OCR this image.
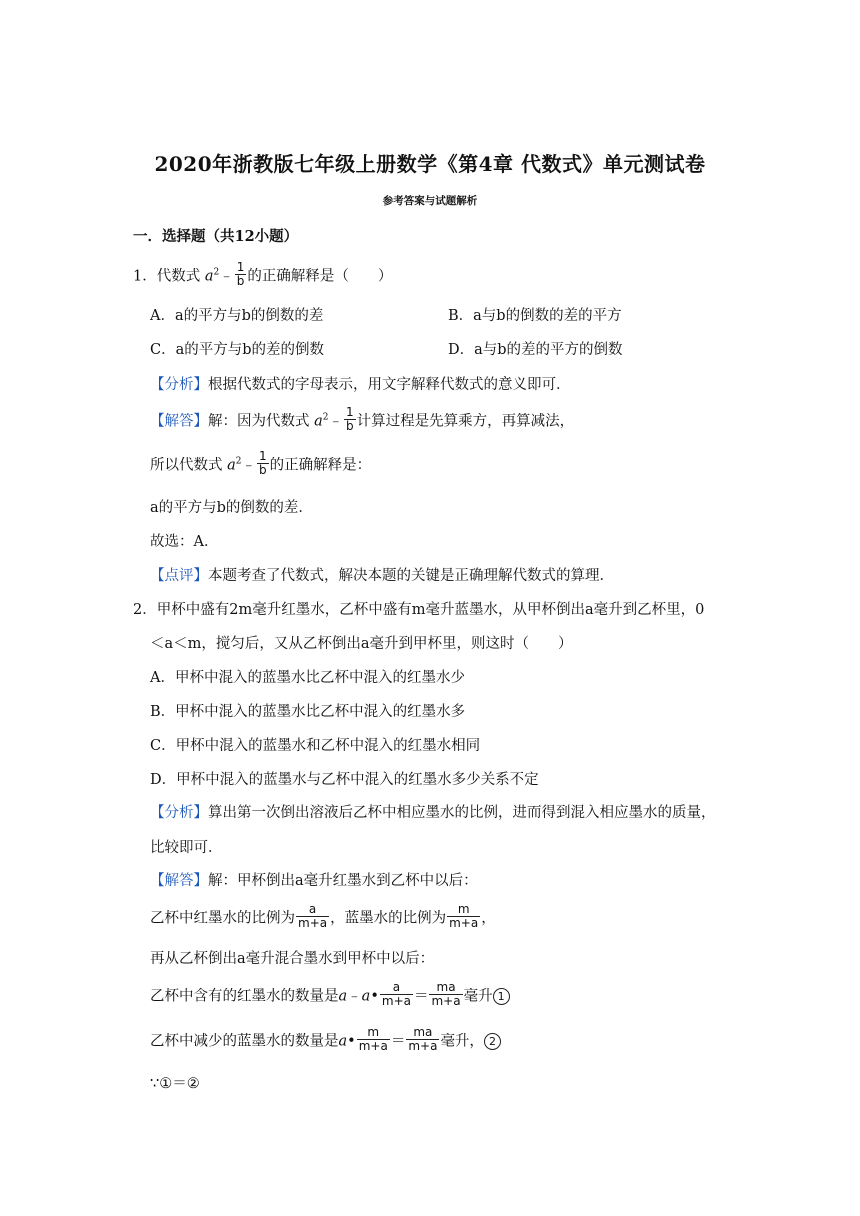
2020年浙教版七年级上册数学《第4章 代数式》单元测试卷
参考答案与试题解析
一．选择题（共12小题）
1．代数式 $a^2﹣ \frac{1}{b}$ 的正确解释是（　　）
A．a的平方与b的倒数的差	B．a与b的倒数的差的平方
C．a的平方与b的差的倒数	D．a与b的差的平方的倒数
【分析】根据代数式的字母表示，用文字解释代数式的意义即可．
【解答】解：因为代数式 $a^2﹣ \frac{1}{b}$ 计算过程是先算乘方，再算减法，
所以代数式 $a^2﹣ \frac{1}{b}$ 的正确解释是：
a的平方与b的倒数的差．
故选：A．
【点评】本题考查了代数式，解决本题的关键是正确理解代数式的算理．
2．甲杯中盛有2m毫升红墨水，乙杯中盛有m毫升蓝墨水，从甲杯倒出a毫升到乙杯里，0
＜a＜m，搅匀后，又从乙杯倒出a毫升到甲杯里，则这时（　　）
A．甲杯中混入的蓝墨水比乙杯中混入的红墨水少
B．甲杯中混入的蓝墨水比乙杯中混入的红墨水多
C．甲杯中混入的蓝墨水和乙杯中混入的红墨水相同
D．甲杯中混入的蓝墨水与乙杯中混入的红墨水多少关系不定
【分析】算出第一次倒出溶液后乙杯中相应墨水的比例，进而得到混入相应墨水的质量，
比较即可．
【解答】解：甲杯倒出a毫升红墨水到乙杯中以后：
乙杯中红墨水的比例为 $\frac{a}{m+a}$ ，蓝墨水的比例为 $\frac{m}{m+a}$ ，
再从乙杯倒出a毫升混合墨水到甲杯中以后：
乙杯中含有的红墨水的数量是a﹣a• $\frac{a}{m+a} = \frac{ma}{m+a}$ 毫升 1
乙杯中减少的蓝墨水的数量是a• $\frac{m}{m+a} = \frac{ma}{m+a}$ 毫升， 2
∵①＝②
